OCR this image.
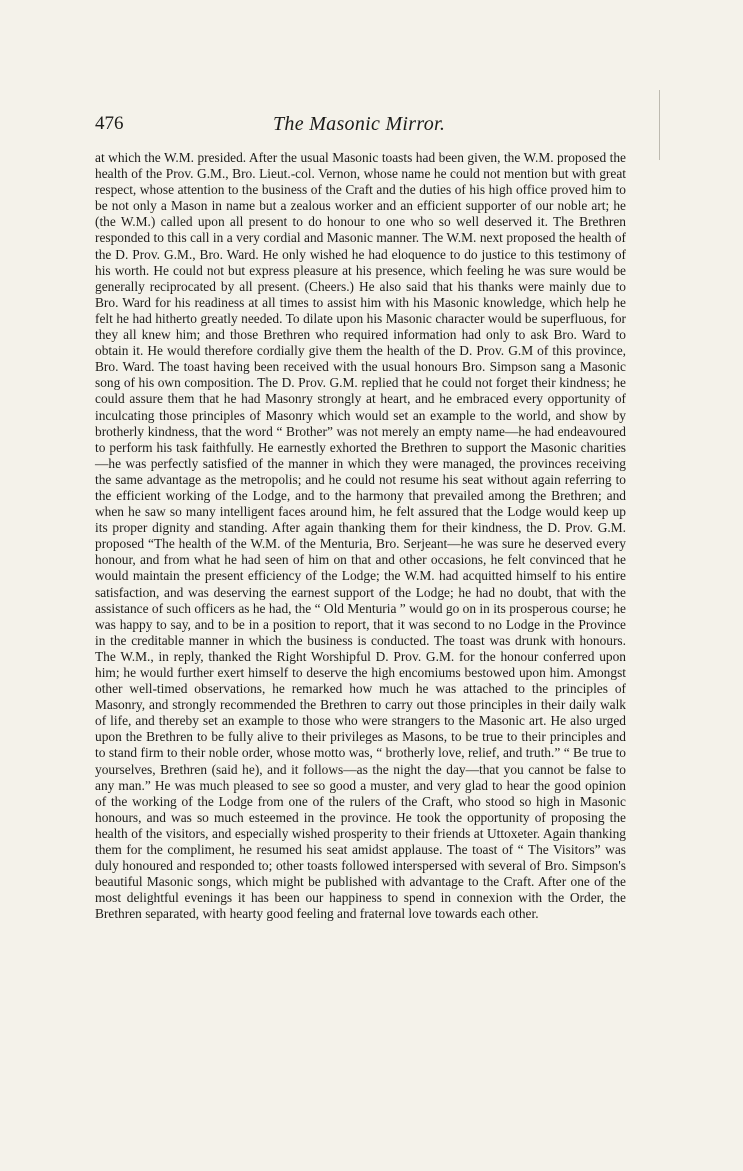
476	The Masonic Mirror.

at which the W.M. presided. After the usual Masonic toasts had been given, the W.M. proposed the health of the Prov. G.M., Bro. Lieut.-col. Vernon, whose name he could not mention but with great respect, whose attention to the business of the Craft and the duties of his high office proved him to be not only a Mason in name but a zealous worker and an efficient supporter of our noble art; he (the W.M.) called upon all present to do honour to one who so well deserved it. The Brethren responded to this call in a very cordial and Masonic manner. The W.M. next proposed the health of the D. Prov. G.M., Bro. Ward. He only wished he had eloquence to do justice to this testimony of his worth. He could not but express pleasure at his presence, which feeling he was sure would be generally reciprocated by all present. (Cheers.) He also said that his thanks were mainly due to Bro. Ward for his readiness at all times to assist him with his Masonic knowledge, which help he felt he had hitherto greatly needed. To dilate upon his Masonic character would be superfluous, for they all knew him; and those Brethren who required information had only to ask Bro. Ward to obtain it. He would therefore cordially give them the health of the D. Prov. G.M of this province, Bro. Ward. The toast having been received with the usual honours Bro. Simpson sang a Masonic song of his own composition. The D. Prov. G.M. replied that he could not forget their kindness; he could assure them that he had Masonry strongly at heart, and he embraced every opportunity of inculcating those principles of Masonry which would set an example to the world, and show by brotherly kindness, that the word “ Brother” was not merely an empty name—he had endeavoured to perform his task faithfully. He earnestly exhorted the Brethren to support the Masonic charities—he was perfectly satisfied of the manner in which they were managed, the provinces receiving the same advantage as the metropolis; and he could not resume his seat without again referring to the efficient working of the Lodge, and to the harmony that prevailed among the Brethren; and when he saw so many intelligent faces around him, he felt assured that the Lodge would keep up its proper dignity and standing. After again thanking them for their kindness, the D. Prov. G.M. proposed “The health of the W.M. of the Menturia, Bro. Serjeant—he was sure he deserved every honour, and from what he had seen of him on that and other occasions, he felt convinced that he would maintain the present efficiency of the Lodge; the W.M. had acquitted himself to his entire satisfaction, and was deserving the earnest support of the Lodge; he had no doubt, that with the assistance of such officers as he had, the “ Old Menturia ” would go on in its prosperous course; he was happy to say, and to be in a position to report, that it was second to no Lodge in the Province in the creditable manner in which the business is conducted. The toast was drunk with honours. The W.M., in reply, thanked the Right Worshipful D. Prov. G.M. for the honour conferred upon him; he would further exert himself to deserve the high encomiums bestowed upon him. Amongst other well-timed observations, he remarked how much he was attached to the principles of Masonry, and strongly recommended the Brethren to carry out those principles in their daily walk of life, and thereby set an example to those who were strangers to the Masonic art. He also urged upon the Brethren to be fully alive to their privileges as Masons, to be true to their principles and to stand firm to their noble order, whose motto was, “ brotherly love, relief, and truth.” “ Be true to yourselves, Brethren (said he), and it follows—as the night the day—that you cannot be false to any man.” He was much pleased to see so good a muster, and very glad to hear the good opinion of the working of the Lodge from one of the rulers of the Craft, who stood so high in Masonic honours, and was so much esteemed in the province. He took the opportunity of proposing the health of the visitors, and especially wished prosperity to their friends at Uttoxeter. Again thanking them for the compliment, he resumed his seat amidst applause. The toast of “ The Visitors” was duly honoured and responded to; other toasts followed interspersed with several of Bro. Simpson's beautiful Masonic songs, which might be published with advantage to the Craft. After one of the most delightful evenings it has been our happiness to spend in connexion with the Order, the Brethren separated, with hearty good feeling and fraternal love towards each other.
